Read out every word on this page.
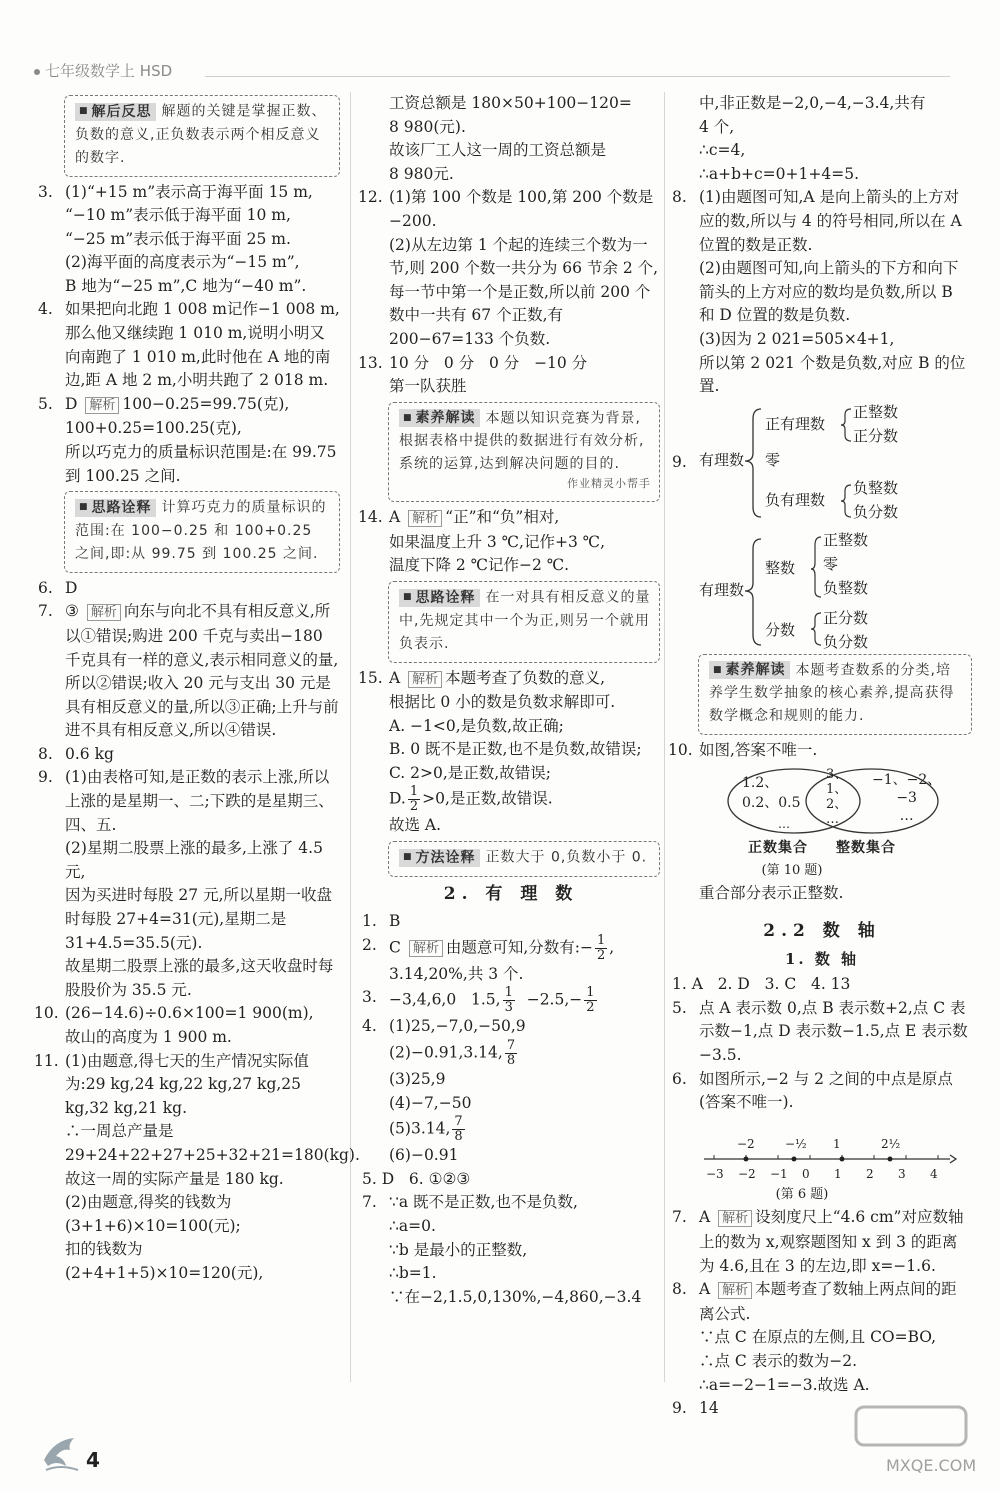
七年级数学上 HSD
■ 解后反思 解题的关键是掌握正数、负数的意义,正负数表示两个相反意义的数字.
3. (1)“+15 m”表示高于海平面 15 m,
“−10 m”表示低于海平面 10 m,
“−25 m”表示低于海平面 25 m.
(2)海平面的高度表示为“−15 m”,
B 地为“−25 m”,C 地为“−40 m”.
4. 如果把向北跑 1 008 m记作−1 008 m,那么他又继续跑 1 010 m,说明小明又向南跑了 1 010 m,此时他在 A 地的南边,距 A 地 2 m,小明共跑了 2 018 m.
5. D 解析 100−0.25=99.75(克),
100+0.25=100.25(克),
所以巧克力的质量标识范围是:在 99.75 到 100.25 之间.
■ 思路诠释 计算巧克力的质量标识的范围:在 100−0.25 和 100+0.25 之间,即:从 99.75 到 100.25 之间.
6. D
7. ③ 解析 向东与向北不具有相反意义,所以①错误;购进 200 千克与卖出−180 千克具有一样的意义,表示相同意义的量,所以②错误;收入 20 元与支出 30 元是具有相反意义的量,所以③正确;上升与前进不具有相反意义,所以④错误.
8. 0.6 kg
9. (1)由表格可知,是正数的表示上涨,所以上涨的是星期一、二;下跌的是星期三、四、五.
(2)星期二股票上涨的最多,上涨了 4.5 元,
因为买进时每股 27 元,所以星期一收盘时每股 27+4=31(元),星期二是 31+4.5=35.5(元).
故星期二股票上涨的最多,这天收盘时每股股价为 35.5 元.
10. (26−14.6)÷0.6×100=1 900(m),
故山的高度为 1 900 m.
11. (1)由题意,得七天的生产情况实际值为:29 kg,24 kg,22 kg,27 kg,25 kg,32 kg,21 kg.
∴一周总产量是 29+24+22+27+25+32+21=180(kg).
故这一周的实际产量是 180 kg.
(2)由题意,得奖的钱数为
(3+1+6)×10=100(元);
扣的钱数为(2+4+1+5)×10=120(元),
工资总额是 180×50+100−120=
8 980(元).
故该厂工人这一周的工资总额是
8 980元.
12. (1)第 100 个数是 100,第 200 个数是−200.
(2)从左边第 1 个起的连续三个数为一节,则 200 个数一共分为 66 节余 2 个,每一节中第一个是正数,所以前 200 个数中一共有 67 个正数,有 200−67=133 个负数.
13. 10 分   0 分   0 分   −10 分
第一队获胜
■ 素养解读 本题以知识竞赛为背景,根据表格中提供的数据进行有效分析,系统的运算,达到解决问题的目的.
作业精灵小帮手
14. A 解析 “正”和“负”相对,
如果温度上升 3 ℃,记作+3 ℃,
温度下降 2 ℃记作−2 ℃.
■ 思路诠释 在一对具有相反意义的量中,先规定其中一个为正,则另一个就用负表示.
15. A 解析 本题考查了负数的意义,
根据比 0 小的数是负数求解即可.
A. −1<0,是负数,故正确;
B. 0 既不是正数,也不是负数,故错误;
C. 2>0,是正数,故错误;
D. $\frac{1}{2} >0$,是正数,故错误.
故选 A.
■ 方法诠释 正数大于 0,负数小于 0.
2. 有 理 数
1. B
2. C 解析 由题意可知,分数有:− $\frac{1}{2}$ ,
3.14,20%,共 3 个.
3. −3,4,6,0   1.5, $\frac{1}{3} -2.5,- \frac{1}{2}$
4. (1)25,−7,0,−50,9
(2)−0.91,3.14, $\frac{7}{8}$
(3)25,9
(4)−7,−50
(5)3.14, $\frac{7}{8}$
(6)−0.91
5. D   6. ①②③
7. ∵a 既不是正数,也不是负数,
∴a=0.
∵b 是最小的正整数,
∴b=1.
∵在−2,1.5,0,130%,−4,860,−3.4
中,非正数是−2,0,−4,−3.4,共有
4 个,
∴c=4,
∴a+b+c=0+1+4=5.
8. (1)由题图可知,A 是向上箭头的上方对应的数,所以与 4 的符号相同,所以在 A 位置的数是正数.
(2)由题图可知,向上箭头的下方和向下箭头的上方对应的数均是负数,所以 B 和 D 位置的数是负数.
(3)因为 2 021=505×4+1,
所以第 2 021 个数是负数,对应 B 的位置.
9. 有理数
正有理数
正整数
正分数
零
负有理数
负整数
负分数
有理数
整数
正整数
零
负整数
分数
正分数
负分数
■ 素养解读 本题考查数系的分类,培养学生数学抽象的核心素养,提高获得数学概念和规则的能力.
10. 如图,答案不唯一.
1.2、
0.2、0.5
3、
1、
2、
…
−1、−2、
−3
…
…
正数集合 整数集合
(第 10 题)
重合部分表示正整数.
2.2 数 轴
1. 数 轴
1. A   2. D   3. C   4. 13
5. 点 A 表示数 0,点 B 表示数+2,点 C 表示数−1,点 D 表示数−1.5,点 E 表示数−3.5.
6. 如图所示,−2 与 2 之间的中点是原点(答案不唯一).
−3 −2 −1 0 1 2 3 4
−2	−½ 1	2½
(第 6 题)
7. A 解析 设刻度尺上“4.6 cm”对应数轴上的数为 x,观察题图知 x 到 3 的距离为 4.6,且在 3 的左边,即 x=−1.6.
8. A 解析 本题考查了数轴上两点间的距离公式.
∵点 C 在原点的左侧,且 CO=BO,
∴点 C 表示的数为−2.
∴a=−2−1=−3.故选 A.
9. 14
4	MXQE.COM
